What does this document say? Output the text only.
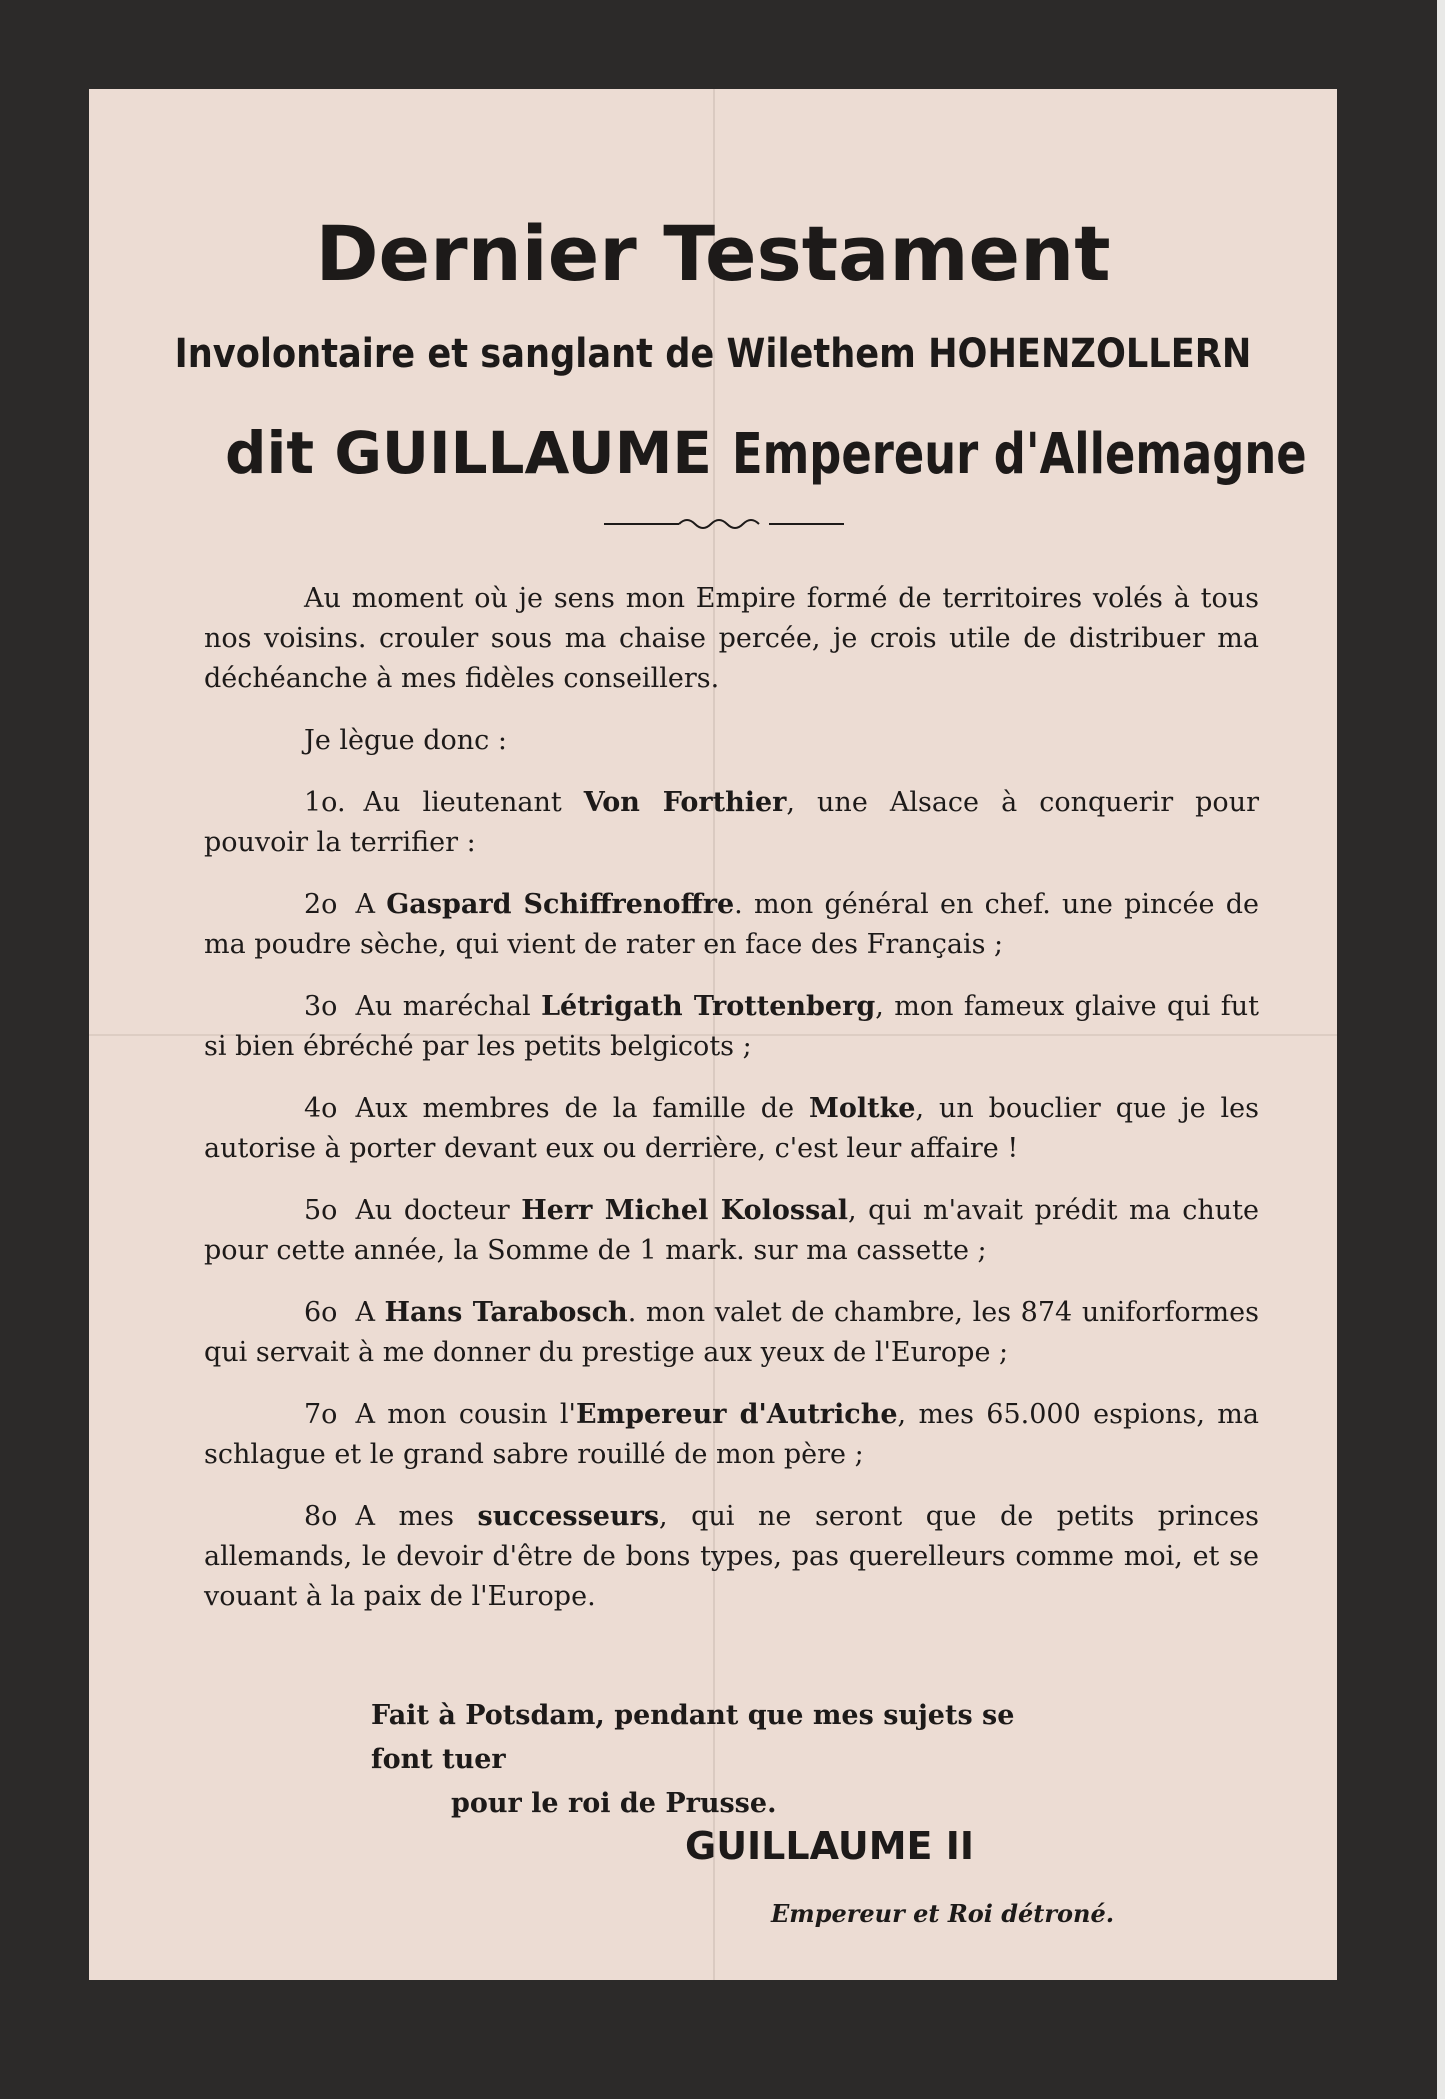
Dernier Testament
Involontaire et sanglant de Wilethem HOHENZOLLERN
dit GUILLAUME Empereur d'Allemagne

Au moment où je sens mon Empire formé de territoires volés à tous nos voisins. crouler sous ma chaise percée, je crois utile de distribuer ma déchéanche à mes fidèles conseillers.

Je lègue donc :

1o. Au lieutenant Von Forthier, une Alsace à conquerir pour pouvoir la terrifier :

2o A Gaspard Schiffrenoffre. mon général en chef. une pincée de ma poudre sèche, qui vient de rater en face des Français ;

3o Au maréchal Létrigath Trottenberg, mon fameux glaive qui fut si bien ébréché par les petits belgicots ;

4o Aux membres de la famille de Moltke, un bouclier que je les autorise à porter devant eux ou derrière, c'est leur affaire !

5o Au docteur Herr Michel Kolossal, qui m'avait prédit ma chute pour cette année, la Somme de 1 mark. sur ma cassette ;

6o A Hans Tarabosch. mon valet de chambre, les 874 uniforformes qui servait à me donner du prestige aux yeux de l'Europe ;

7o A mon cousin l'Empereur d'Autriche, mes 65.000 espions, ma schlague et le grand sabre rouillé de mon père ;

8o A mes successeurs, qui ne seront que de petits princes allemands, le devoir d'être de bons types, pas querelleurs comme moi, et se vouant à la paix de l'Europe.

Fait à Potsdam, pendant que mes sujets se font tuer
pour le roi de Prusse.
GUILLAUME II
Empereur et Roi détroné.
